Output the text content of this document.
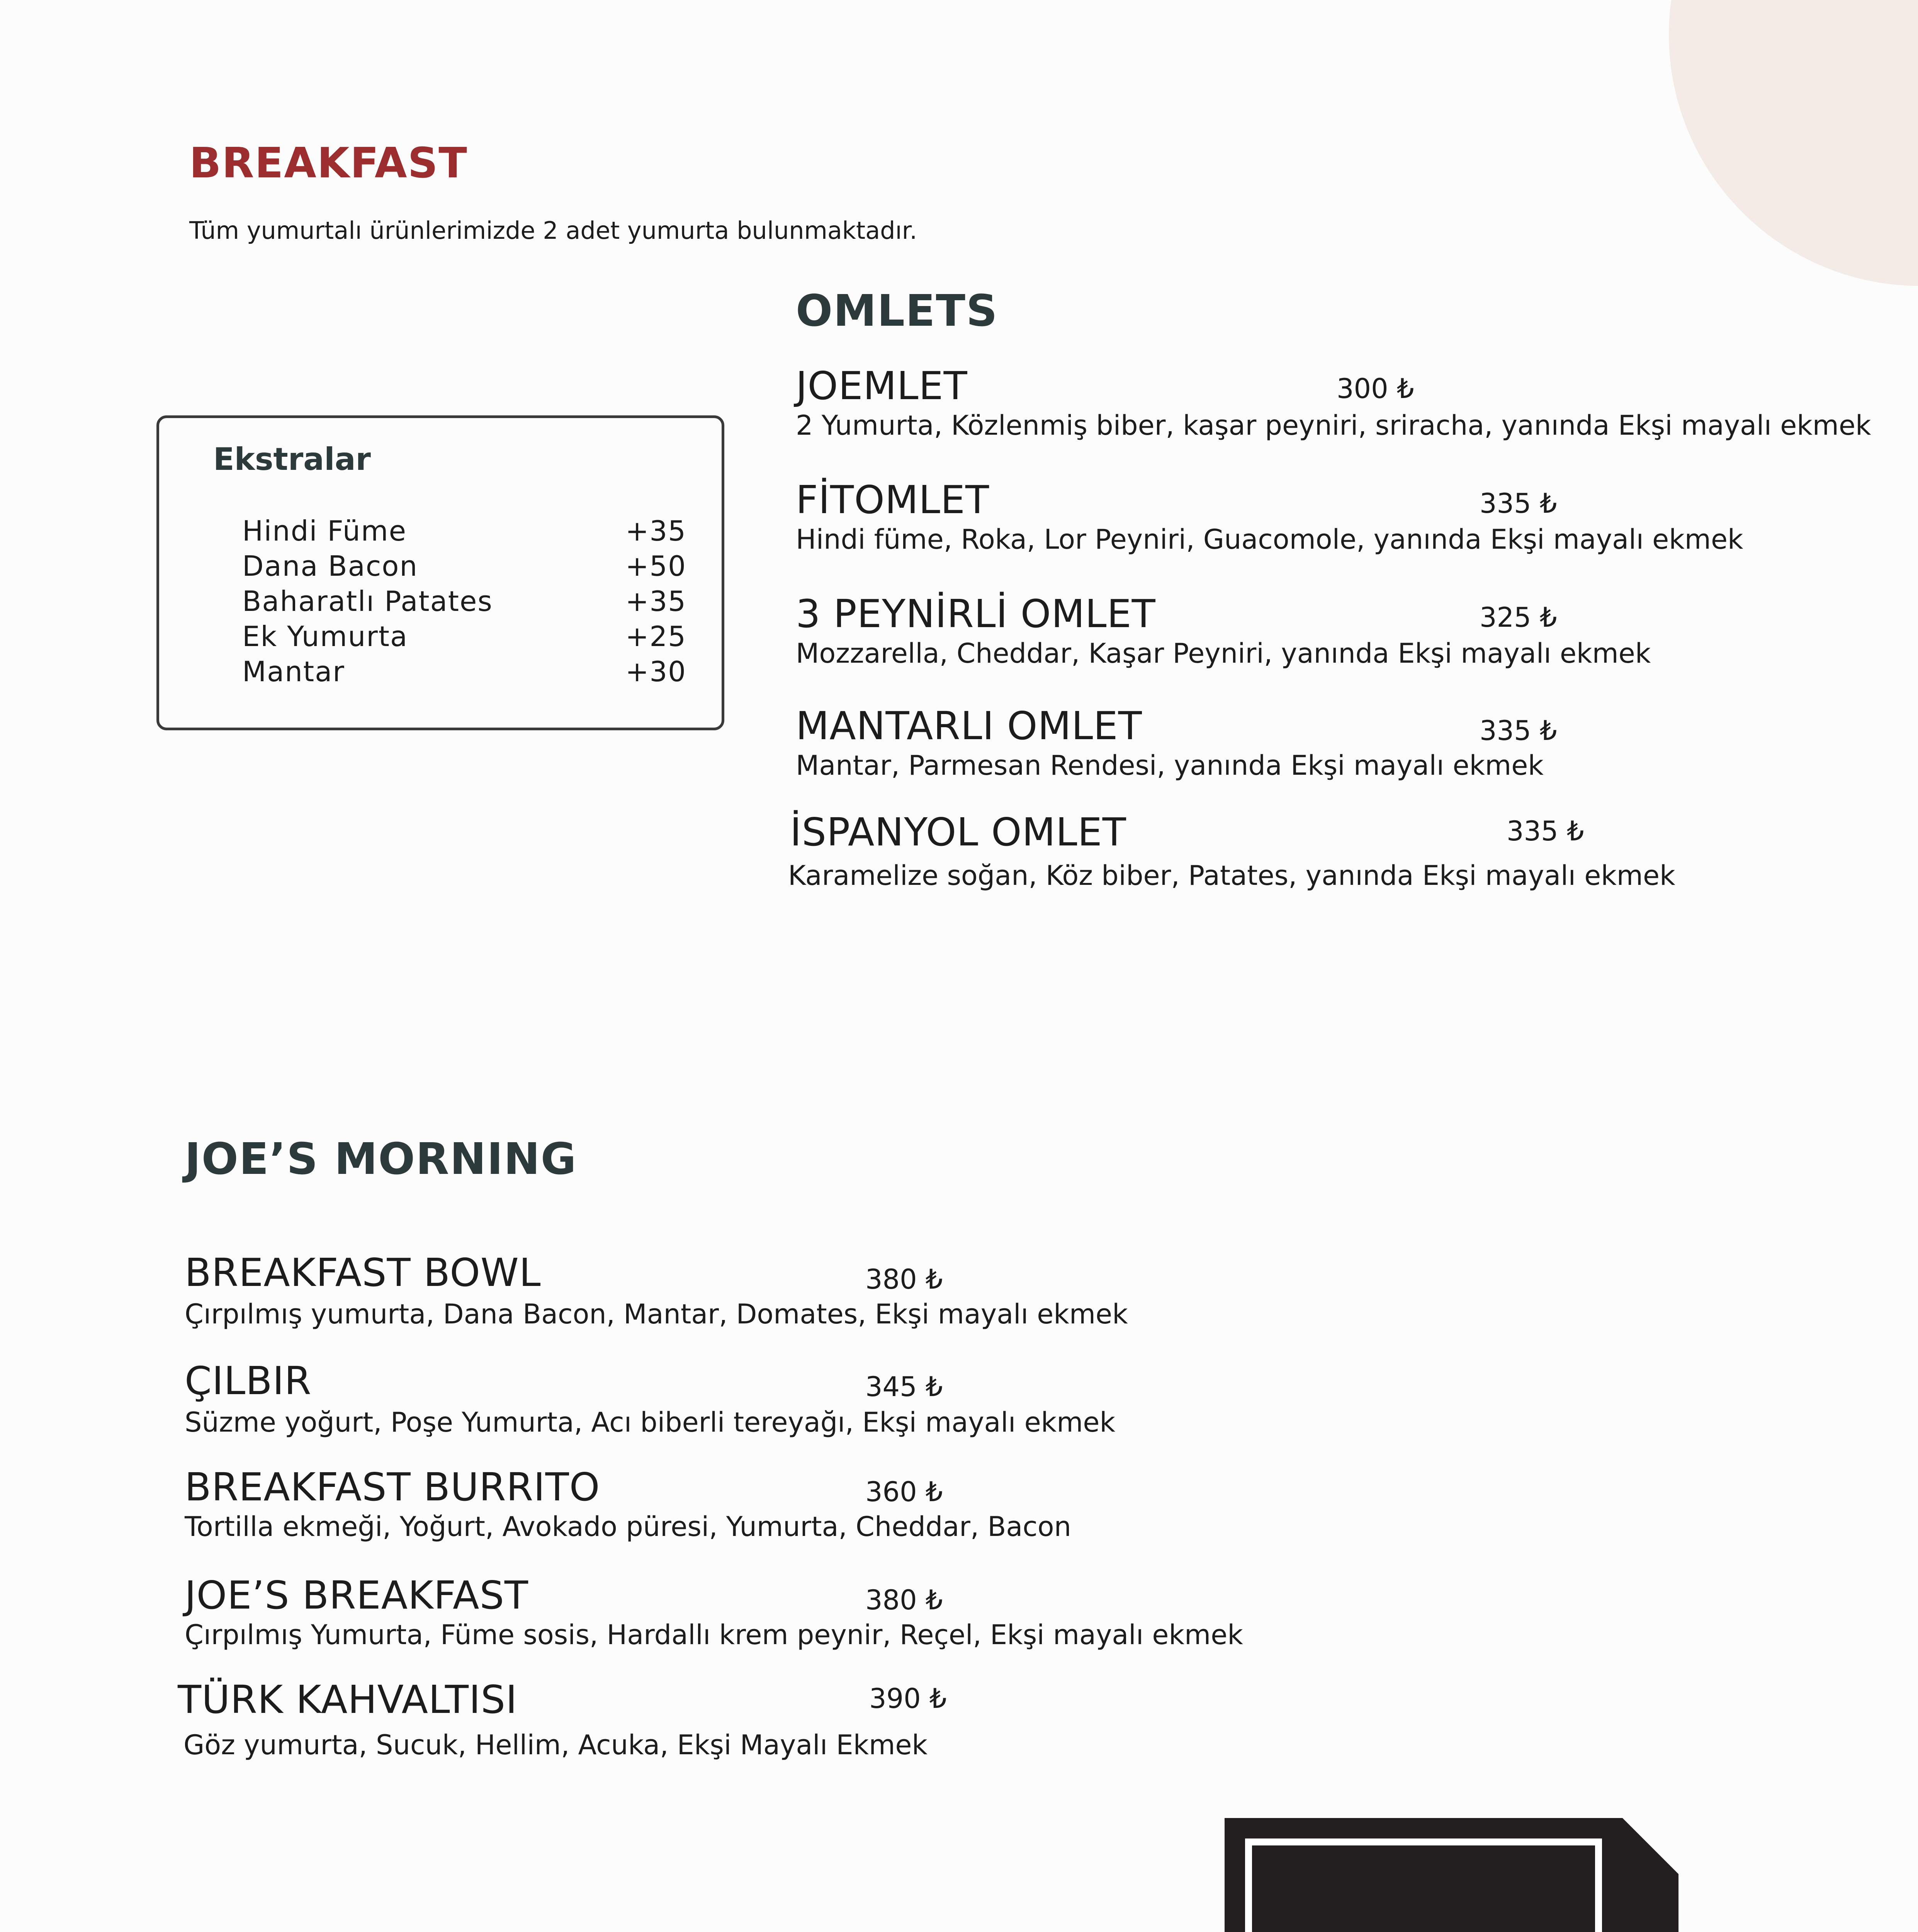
BREAKFAST
Tüm yumurtalı ürünlerimizde 2 adet yumurta bulunmaktadır.
Ekstralar
Hindi Füme	+35
Dana Bacon	+50
Baharatlı Patates	+35
Ek Yumurta	+25
Mantar	+30
OMLETS
JOEMLET	300 ₺
2 Yumurta, Közlenmiş biber, kaşar peyniri, sriracha, yanında Ekşi mayalı ekmek
FİTOMLET	335 ₺
Hindi füme, Roka, Lor Peyniri, Guacomole, yanında Ekşi mayalı ekmek
3 PEYNİRLİ OMLET	325 ₺
Mozzarella, Cheddar, Kaşar Peyniri, yanında Ekşi mayalı ekmek
MANTARLI OMLET	335 ₺
Mantar, Parmesan Rendesi, yanında Ekşi mayalı ekmek
İSPANYOL OMLET	335 ₺
Karamelize soğan, Köz biber, Patates, yanında Ekşi mayalı ekmek
JOE’S MORNING
BREAKFAST BOWL	380 ₺
Çırpılmış yumurta, Dana Bacon, Mantar, Domates, Ekşi mayalı ekmek
ÇILBIR	345 ₺
Süzme yoğurt, Poşe Yumurta, Acı biberli tereyağı, Ekşi mayalı ekmek
BREAKFAST BURRITO	360 ₺
Tortilla ekmeği, Yoğurt, Avokado püresi, Yumurta, Cheddar, Bacon
JOE’S BREAKFAST	380 ₺
Çırpılmış Yumurta, Füme sosis, Hardallı krem peynir, Reçel, Ekşi mayalı ekmek
TÜRK KAHVALTISI	390 ₺
Göz yumurta, Sucuk, Hellim, Acuka, Ekşi Mayalı Ekmek
